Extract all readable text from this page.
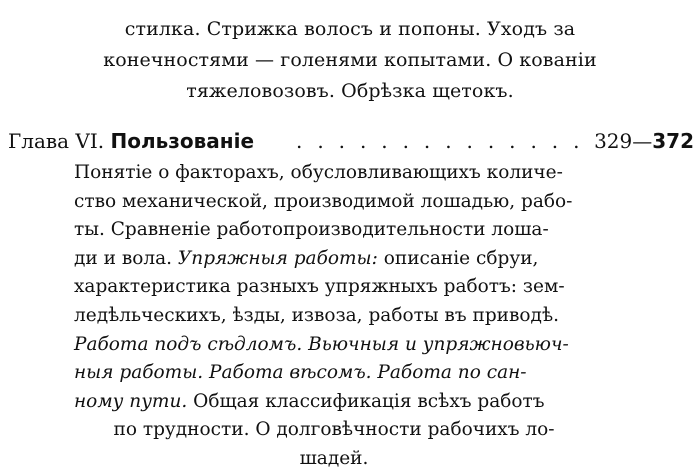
стилка. Стрижка волосъ и попоны. Уходъ за
конечностями — голенями копытами. О кованіи
тяжеловозовъ. Обрѣзка щетокъ.
Глава VI. Пользованіе . . . . . . . . . . . . . . 329—372
Понятіе о факторахъ, обусловливающихъ количе-
ство механической, производимой лошадью, рабо-
ты. Сравненіе работопроизводительности лоша-
ди и вола. Упряжныя работы: описаніе сбруи,
характеристика разныхъ упряжныхъ работъ: зем-
ледѣльческихъ, ѣзды, извоза, работы въ приводѣ.
Работа подъ сѣдломъ. Вьючныя и упряжновьюч-
ныя работы. Работа вѣсомъ. Работа по сан-
ному пути. Общая классификація всѣхъ работъ
по трудности. О долговѣчности рабочихъ ло-
шадей.
